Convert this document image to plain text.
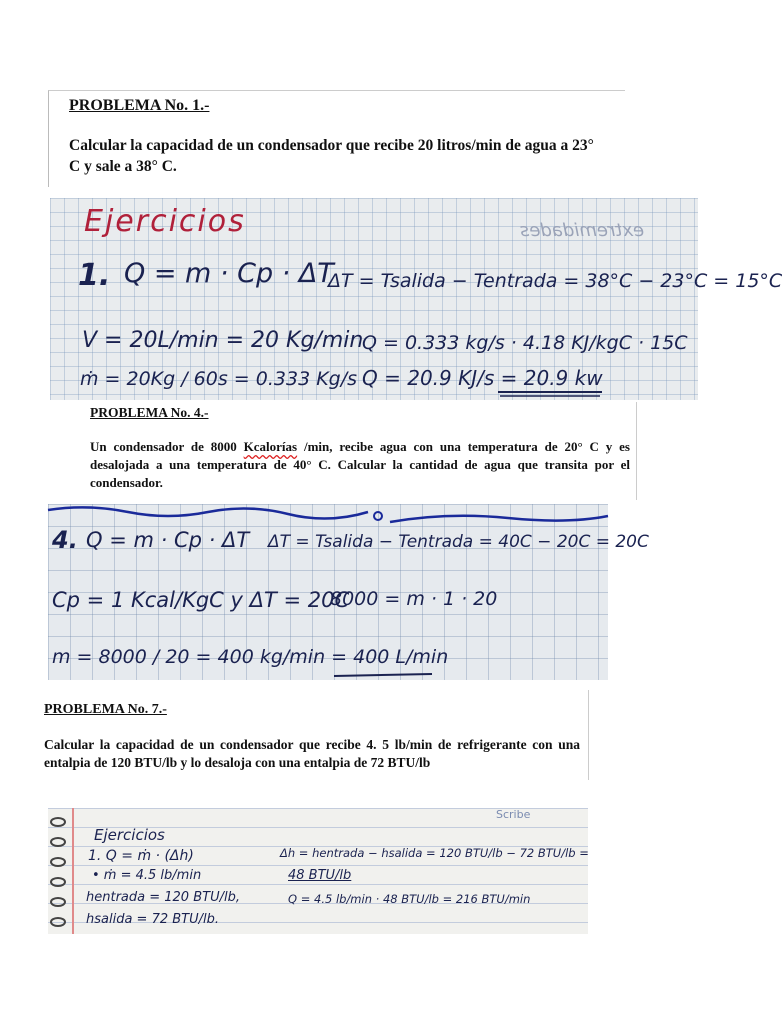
PROBLEMA No. 1.-

Calcular la capacidad de un condensador que recibe 20 litros/min de agua a 23° C y sale a 38° C.

Ejercicios	extremidades
1. Q = m · Cp · ΔT
ΔT = Tsalida − Tentrada = 38°C − 23°C = 15°C
V = 20L/min = 20 Kg/min
Q = 0.333 kg/s · 4.18 KJ/kgC · 15C
ṁ = 20Kg / 60s = 0.333 Kg/s Q = 20.9 KJ/s = 20.9 kw

PROBLEMA No. 4.-

Un condensador de 8000 Kcalorías /min, recibe agua con una temperatura de 20° C y es desalojada a una temperatura de 40° C. Calcular la cantidad de agua que transita por el condensador.

4. Q = m · Cp · ΔT ΔT = Tsalida − Tentrada = 40C − 20C = 20C
Cp = 1 Kcal/KgC y ΔT = 20C
8000 = m · 1 · 20
m = 8000 / 20 = 400 kg/min = 400 L/min

PROBLEMA No. 7.-

Calcular la capacidad de un condensador que recibe 4. 5 lb/min de refrigerante con una entalpia de 120 BTU/lb y lo desaloja con una entalpia de 72 BTU/lb

Scribe
Ejercicios
1. Q = ṁ · (Δh)	Δh = hentrada − hsalida = 120 BTU/lb − 72 BTU/lb =
• ṁ = 4.5 lb/min	48 BTU/lb
hentrada = 120 BTU/lb,	Q = 4.5 lb/min · 48 BTU/lb = 216 BTU/min
hsalida = 72 BTU/lb.
